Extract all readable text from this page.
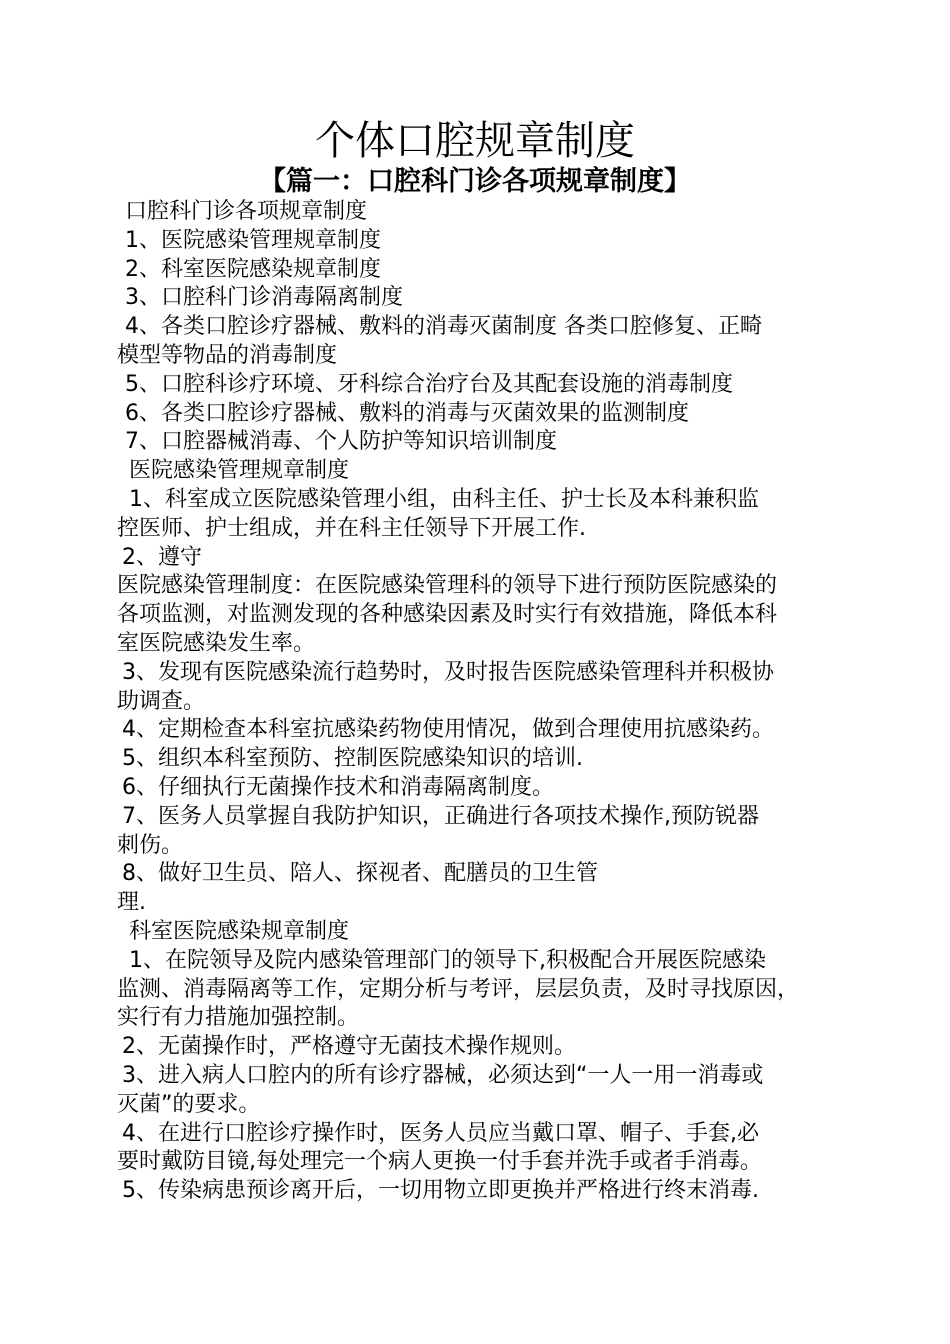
个体口腔规章制度
【篇一：口腔科门诊各项规章制度】
口腔科门诊各项规章制度
1、医院感染管理规章制度
2、科室医院感染规章制度
3、口腔科门诊消毒隔离制度
4、各类口腔诊疗器械、敷料的消毒灭菌制度 各类口腔修复、正畸
模型等物品的消毒制度
5、口腔科诊疗环境、牙科综合治疗台及其配套设施的消毒制度
6、各类口腔诊疗器械、敷料的消毒与灭菌效果的监测制度
7、口腔器械消毒、个人防护等知识培训制度
医院感染管理规章制度
1、科室成立医院感染管理小组，由科主任、护士长及本科兼积监
控医师、护士组成，并在科主任领导下开展工作.
2、遵守
医院感染管理制度：在医院感染管理科的领导下进行预防医院感染的
各项监测，对监测发现的各种感染因素及时实行有效措施，降低本科
室医院感染发生率。
3、发现有医院感染流行趋势时，及时报告医院感染管理科并积极协
助调查。
4、定期检查本科室抗感染药物使用情况，做到合理使用抗感染药。
5、组织本科室预防、控制医院感染知识的培训.
6、仔细执行无菌操作技术和消毒隔离制度。
7、医务人员掌握自我防护知识，正确进行各项技术操作,预防锐器
刺伤。
8、做好卫生员、陪人、探视者、配膳员的卫生管
理.
科室医院感染规章制度
1、在院领导及院内感染管理部门的领导下,积极配合开展医院感染
监测、消毒隔离等工作，定期分析与考评，层层负责，及时寻找原因，
实行有力措施加强控制。
2、无菌操作时，严格遵守无菌技术操作规则。
3、进入病人口腔内的所有诊疗器械，必须达到“一人一用一消毒或
灭菌”的要求。
4、在进行口腔诊疗操作时，医务人员应当戴口罩、帽子、手套,必
要时戴防目镜,每处理完一个病人更换一付手套并洗手或者手消毒。
5、传染病患预诊离开后，一切用物立即更换并严格进行终末消毒.
